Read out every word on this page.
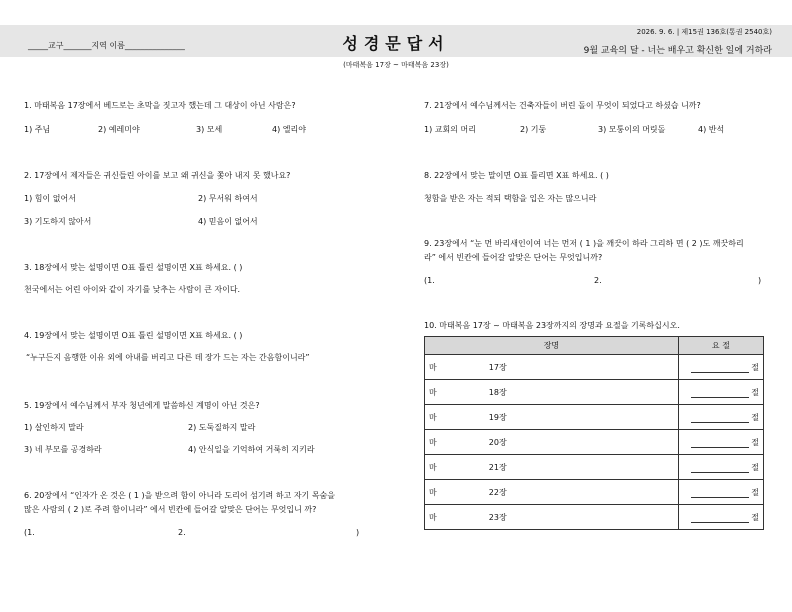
_____교구_______지역 이름_______________	성경문답서
(마태복음 17장 ~ 마태복음 23장)
2026. 9. 6. | 제15권 136호(통권 2540호)
9월 교육의 달 - 너는 배우고 확신한 일에 거하라
1. 마태복음 17장에서 베드로는 초막을 짓고자 했는데 그 대상이 아닌 사람은?
1) 주님	2) 예레미야	3) 모세	4) 엘리야
2. 17장에서 제자들은 귀신들린 아이를 보고 왜 귀신을 쫓아 내지 못 했나요?
1) 힘이 없어서	2) 무서워 하여서
3) 기도하지 않아서	4) 믿음이 없어서
3. 18장에서 맞는 설명이면 O표 틀린 설명이면 X표 하세요. ( )
천국에서는 어린 아이와 같이 자기를 낮추는 사람이 큰 자이다.
4. 19장에서 맞는 설명이면 O표 틀린 설명이면 X표 하세요. ( )
“누구든지 음행한 이유 외에 아내를 버리고 다른 데 장가 드는 자는 간음함이니라”
5. 19장에서 예수님께서 부자 청년에게 말씀하신 계명이 아닌 것은?
1) 살인하지 말라	2) 도둑질하지 말라
3) 네 부모를 공경하라	4) 안식일을 기억하여 거룩히 지키라
6. 20장에서 “인자가 온 것은 ( 1 )을 받으려 함이 아니라 도리어 섬기려 하고 자기 목숨을
많은 사람의 ( 2 )로 주려 함이니라” 에서 빈칸에 들어갈 알맞은 단어는 무엇입니 까?
(1.	2.	)
7. 21장에서 예수님께서는 건축자들이 버린 돌이 무엇이 되었다고 하셨습 니까?
1) 교회의 머리	2) 기둥	3) 모퉁이의 머릿돌	4) 반석
8. 22장에서 맞는 말이면 O표 틀리면 X표 하세요. ( )
청함을 받은 자는 적되 택함을 입은 자는 많으니라
9. 23장에서 “눈 먼 바리새인이여 너는 먼저 ( 1 )을 깨끗이 하라 그리하 면 ( 2 )도 깨끗하리
라” 에서 빈칸에 들어갈 알맞은 단어는 무엇입니까?
(1.	2.	)
10. 마태복음 17장 ~ 마태복음 23장까지의 장명과 요절을 기록하십시오.
장명		요 절
마	17장	절
마	18장	절
마	19장	절
마	20장	절
마	21장	절
마	22장	절
마	23장	절
